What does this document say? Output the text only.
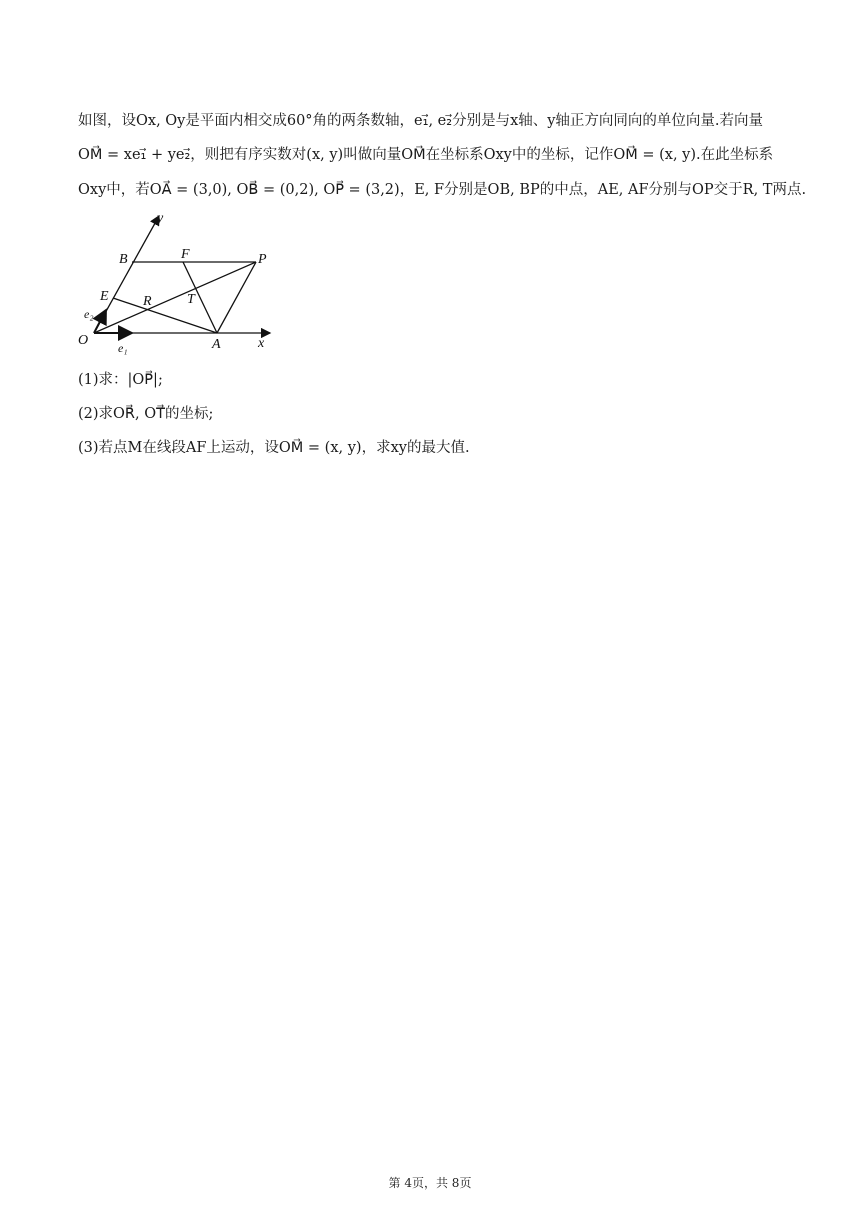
如图，设Ox, Oy是平面内相交成60°角的两条数轴，e₁⃗, e₂⃗分别是与x轴、y轴正方向同向的单位向量.若向量
OM⃗ = xe₁⃗ + ye₂⃗，则把有序实数对(x, y)叫做向量OM⃗在坐标系Oxy中的坐标，记作OM⃗ = (x, y).在此坐标系
Oxy中，若OA⃗ = (3,0), OB⃗ = (0,2), OP⃗ = (3,2)，E, F分别是OB, BP的中点，AE, AF分别与OP交于R, T两点.
y
x
B	F	P
E R	T
O	A
e₁⃗
e₂⃗
(1)求：|OP⃗|;
(2)求OR⃗, OT⃗的坐标;
(3)若点M在线段AF上运动，设OM⃗ = (x, y)，求xy的最大值.
第 4页，共 8页
